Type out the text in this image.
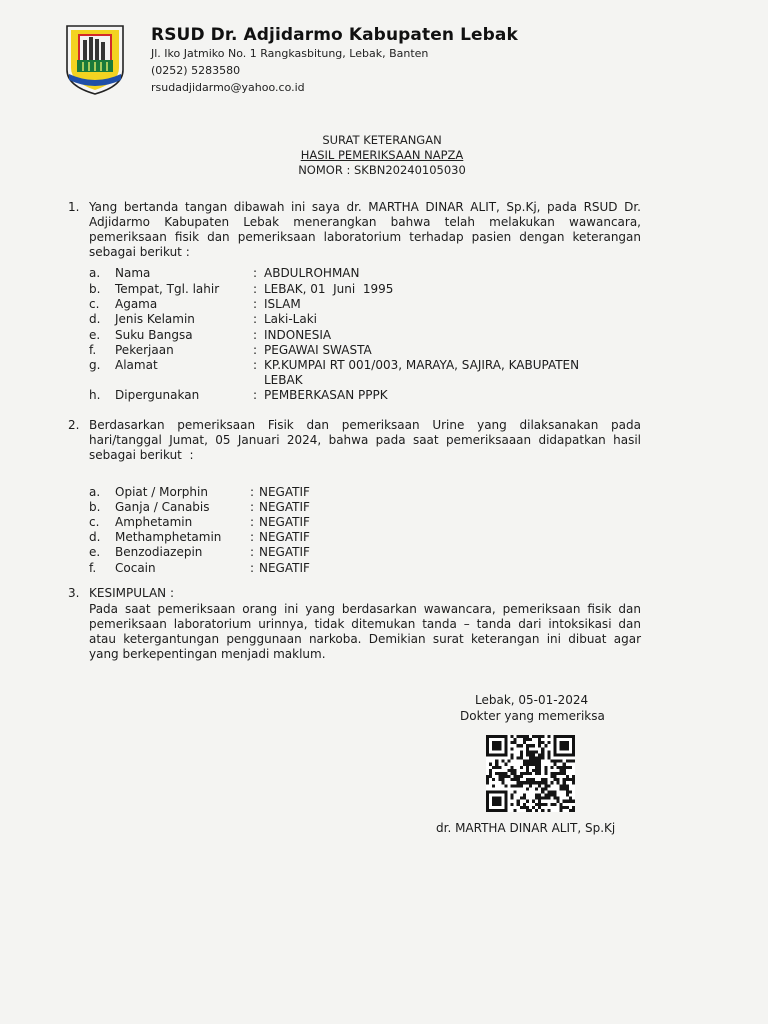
RSUD Dr. Adjidarmo Kabupaten Lebak
Jl. Iko Jatmiko No. 1 Rangkasbitung, Lebak, Banten
(0252) 5283580
rsudadjidarmo@yahoo.co.id
SURAT KETERANGAN
HASIL PEMERIKSAAN NAPZA
NOMOR : SKBN20240105030
1. Yang bertanda tangan dibawah ini saya dr. MARTHA DINAR ALIT, Sp.Kj, pada RSUD Dr.
Adjidarmo Kabupaten Lebak menerangkan bahwa telah melakukan wawancara,
pemeriksaan fisik dan pemeriksaan laboratorium terhadap pasien dengan keterangan
sebagai berikut :
a. Nama	: ABDULROHMAN
b. Tempat, Tgl. lahir	: LEBAK, 01  Juni  1995
c. Agama	: ISLAM
d. Jenis Kelamin	: Laki-Laki
e. Suku Bangsa	: INDONESIA
f. Pekerjaan	: PEGAWAI SWASTA
g. Alamat	: KP.KUMPAI RT 001/003, MARAYA, SAJIRA, KABUPATEN
LEBAK
h. Dipergunakan	: PEMBERKASAN PPPK
2. Berdasarkan pemeriksaan Fisik dan pemeriksaan Urine yang dilaksanakan pada
hari/tanggal Jumat, 05 Januari 2024, bahwa pada saat pemeriksaaan didapatkan hasil
sebagai berikut  :
a. Opiat / Morphin	: NEGATIF
b. Ganja / Canabis	: NEGATIF
c. Amphetamin	: NEGATIF
d. Methamphetamin : NEGATIF
e. Benzodiazepin	: NEGATIF
f. Cocain	: NEGATIF
3. KESIMPULAN :
Pada saat pemeriksaan orang ini yang berdasarkan wawancara, pemeriksaan fisik dan
pemeriksaan laboratorium urinnya, tidak ditemukan tanda – tanda dari intoksikasi dan
atau ketergantungan penggunaan narkoba. Demikian surat keterangan ini dibuat agar
yang berkepentingan menjadi maklum.
Lebak, 05-01-2024
Dokter yang memeriksa
dr. MARTHA DINAR ALIT, Sp.Kj
